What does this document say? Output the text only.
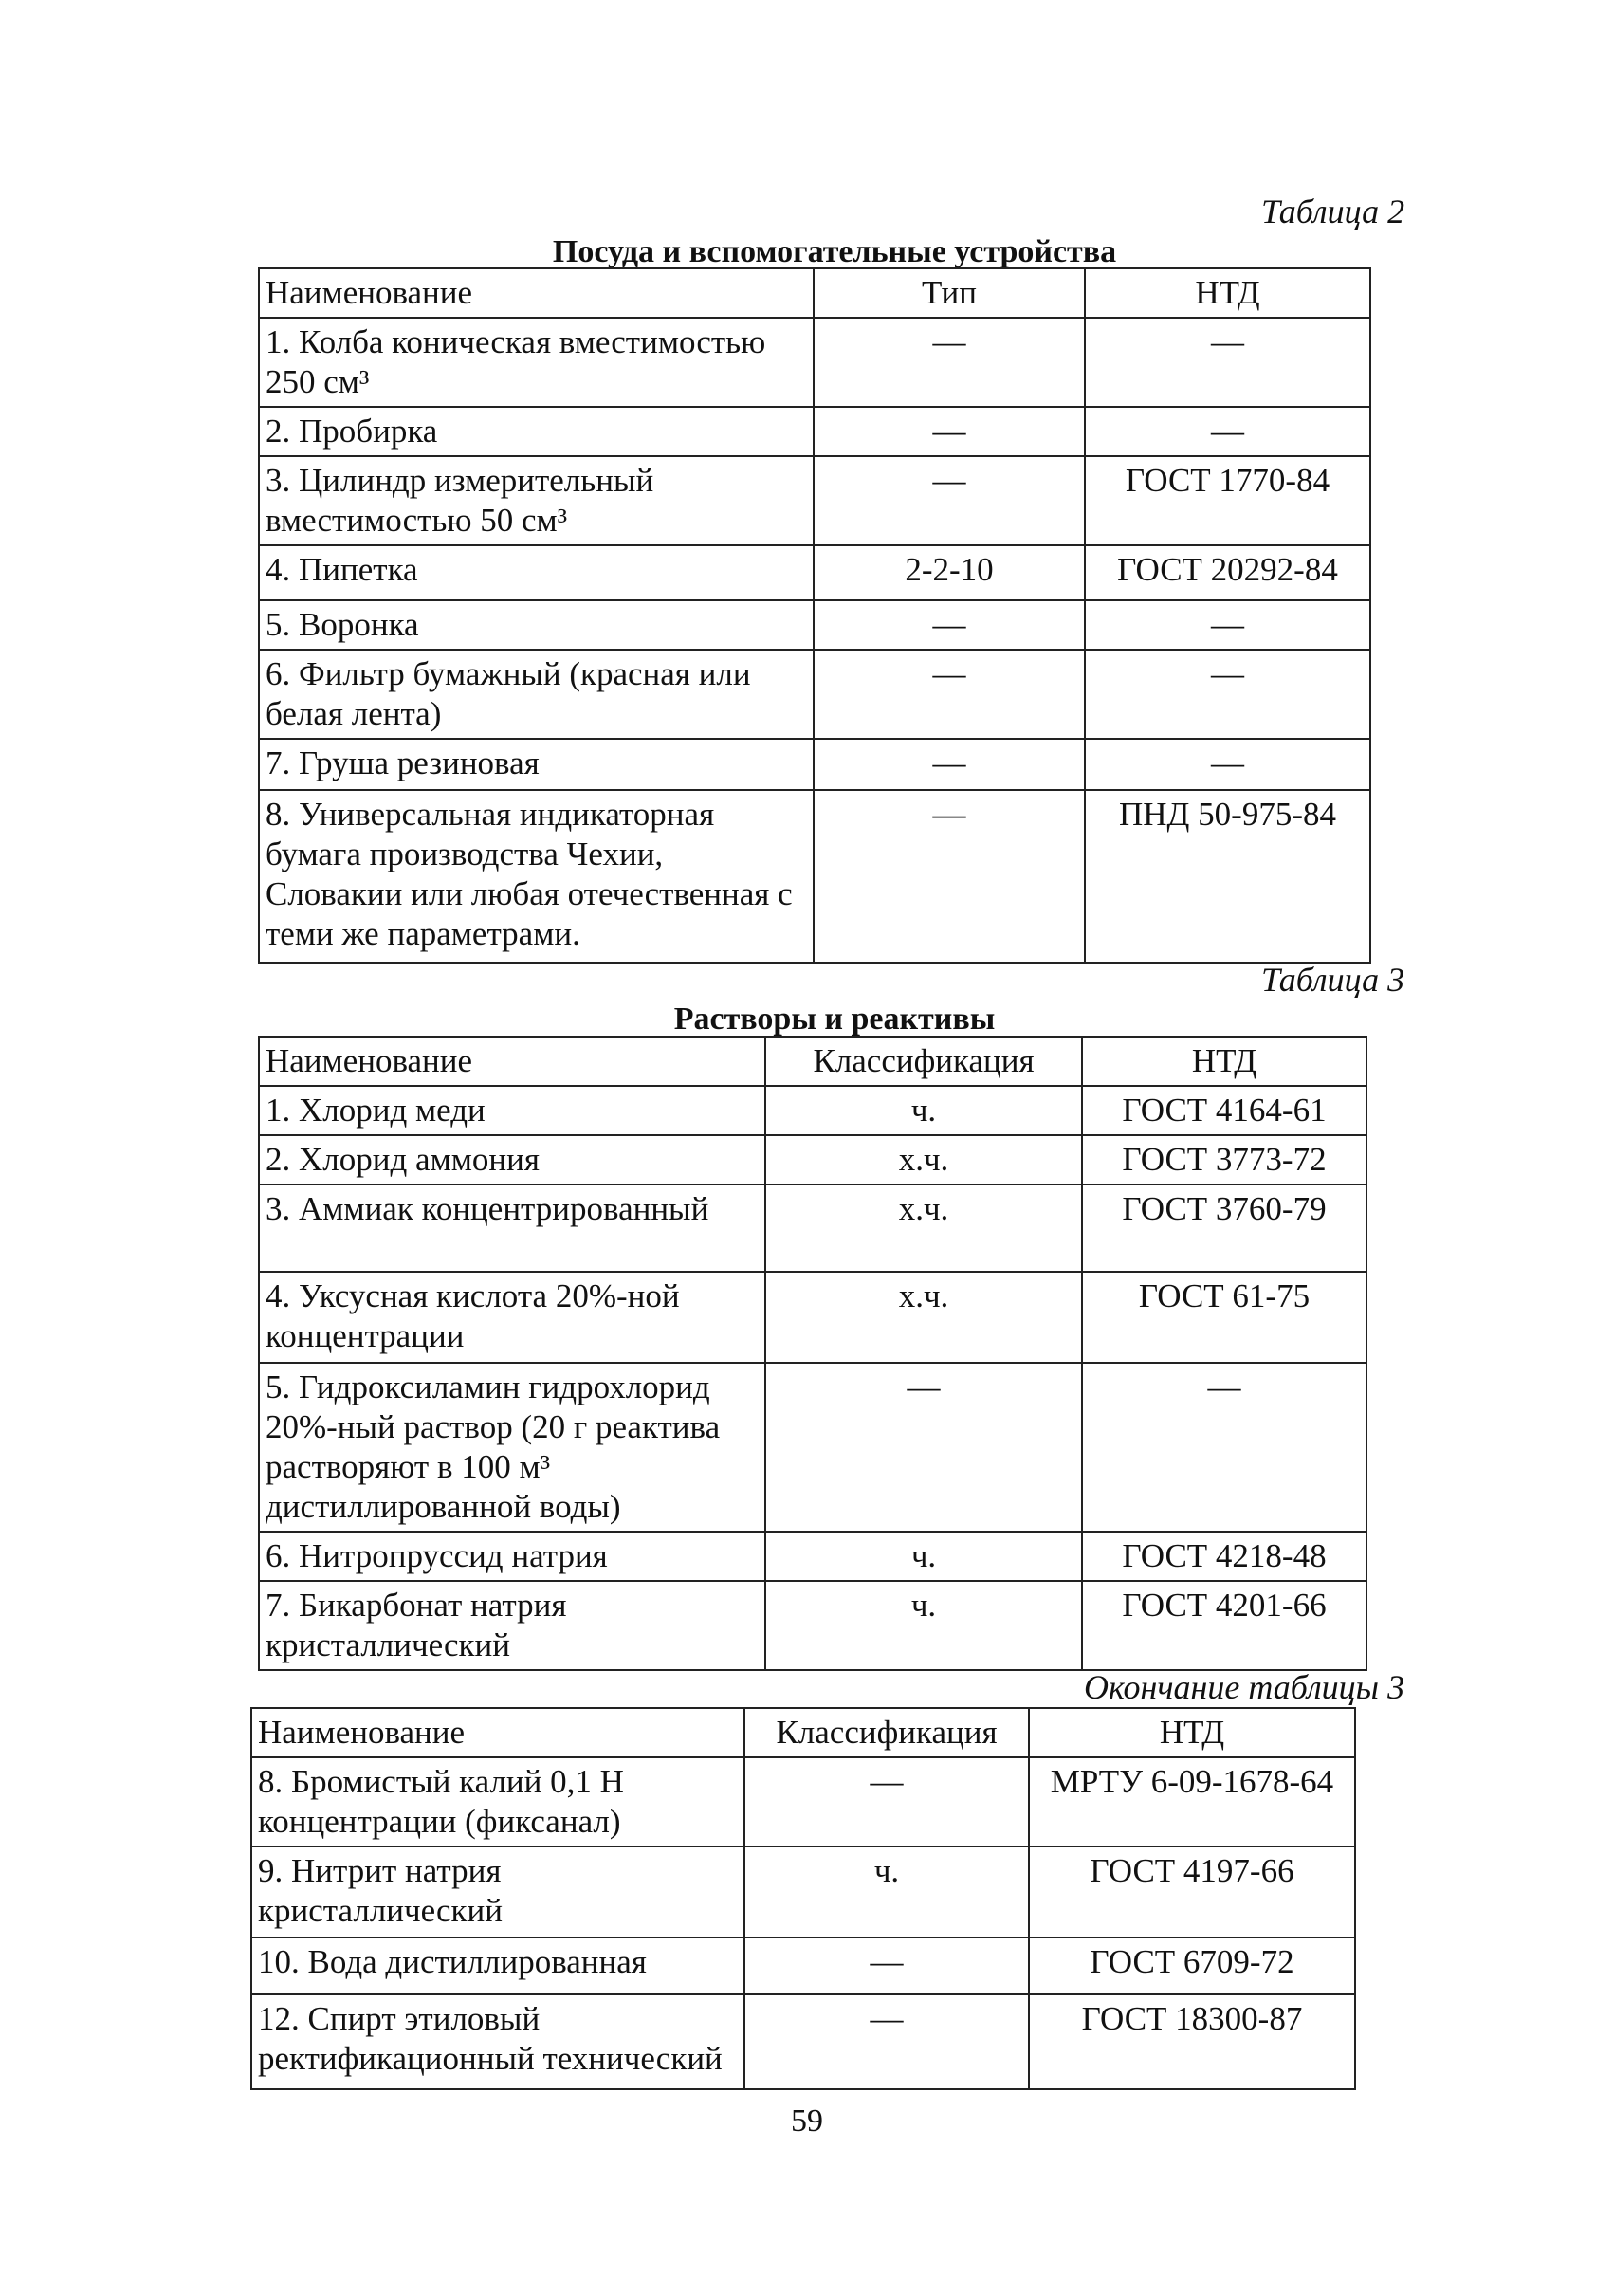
Таблица 2
Посуда и вспомогательные устройства
Наименование	Тип	НТД
1. Колба коническая вместимостью 250 см³	—	—
2. Пробирка	—	—
3. Цилиндр измерительный вместимостью 50 см³	—	ГОСТ 1770-84
4. Пипетка	2-2-10	ГОСТ 20292-84
5. Воронка	—	—
6. Фильтр бумажный (красная или белая лента)	—	—
7. Груша резиновая	—	—
8. Универсальная индикаторная бумага производства Чехии, Словакии или любая отечественная с теми же параметрами.	—	ПНД 50-975-84
Таблица 3
Растворы и реактивы
Наименование	Классификация	НТД
1. Хлорид меди	ч.	ГОСТ 4164-61
2. Хлорид аммония	х.ч.	ГОСТ 3773-72
3. Аммиак концентрированный	х.ч.	ГОСТ 3760-79
4. Уксусная кислота 20%-ной концентрации	х.ч.	ГОСТ 61-75
5. Гидроксиламин гидрохлорид 20%-ный раствор (20 г реактива растворяют в 100 м³ дистиллированной воды)	—	—
6. Нитропруссид натрия	ч.	ГОСТ 4218-48
7. Бикарбонат натрия кристаллический	ч.	ГОСТ 4201-66
Окончание таблицы 3
Наименование	Классификация	НТД
8. Бромистый калий 0,1 Н концентрации (фиксанал)	—	МРТУ 6-09-1678-64
9. Нитрит натрия кристаллический	ч.	ГОСТ 4197-66
10. Вода дистиллированная	—	ГОСТ 6709-72
12. Спирт этиловый ректификационный технический	—	ГОСТ 18300-87
59
